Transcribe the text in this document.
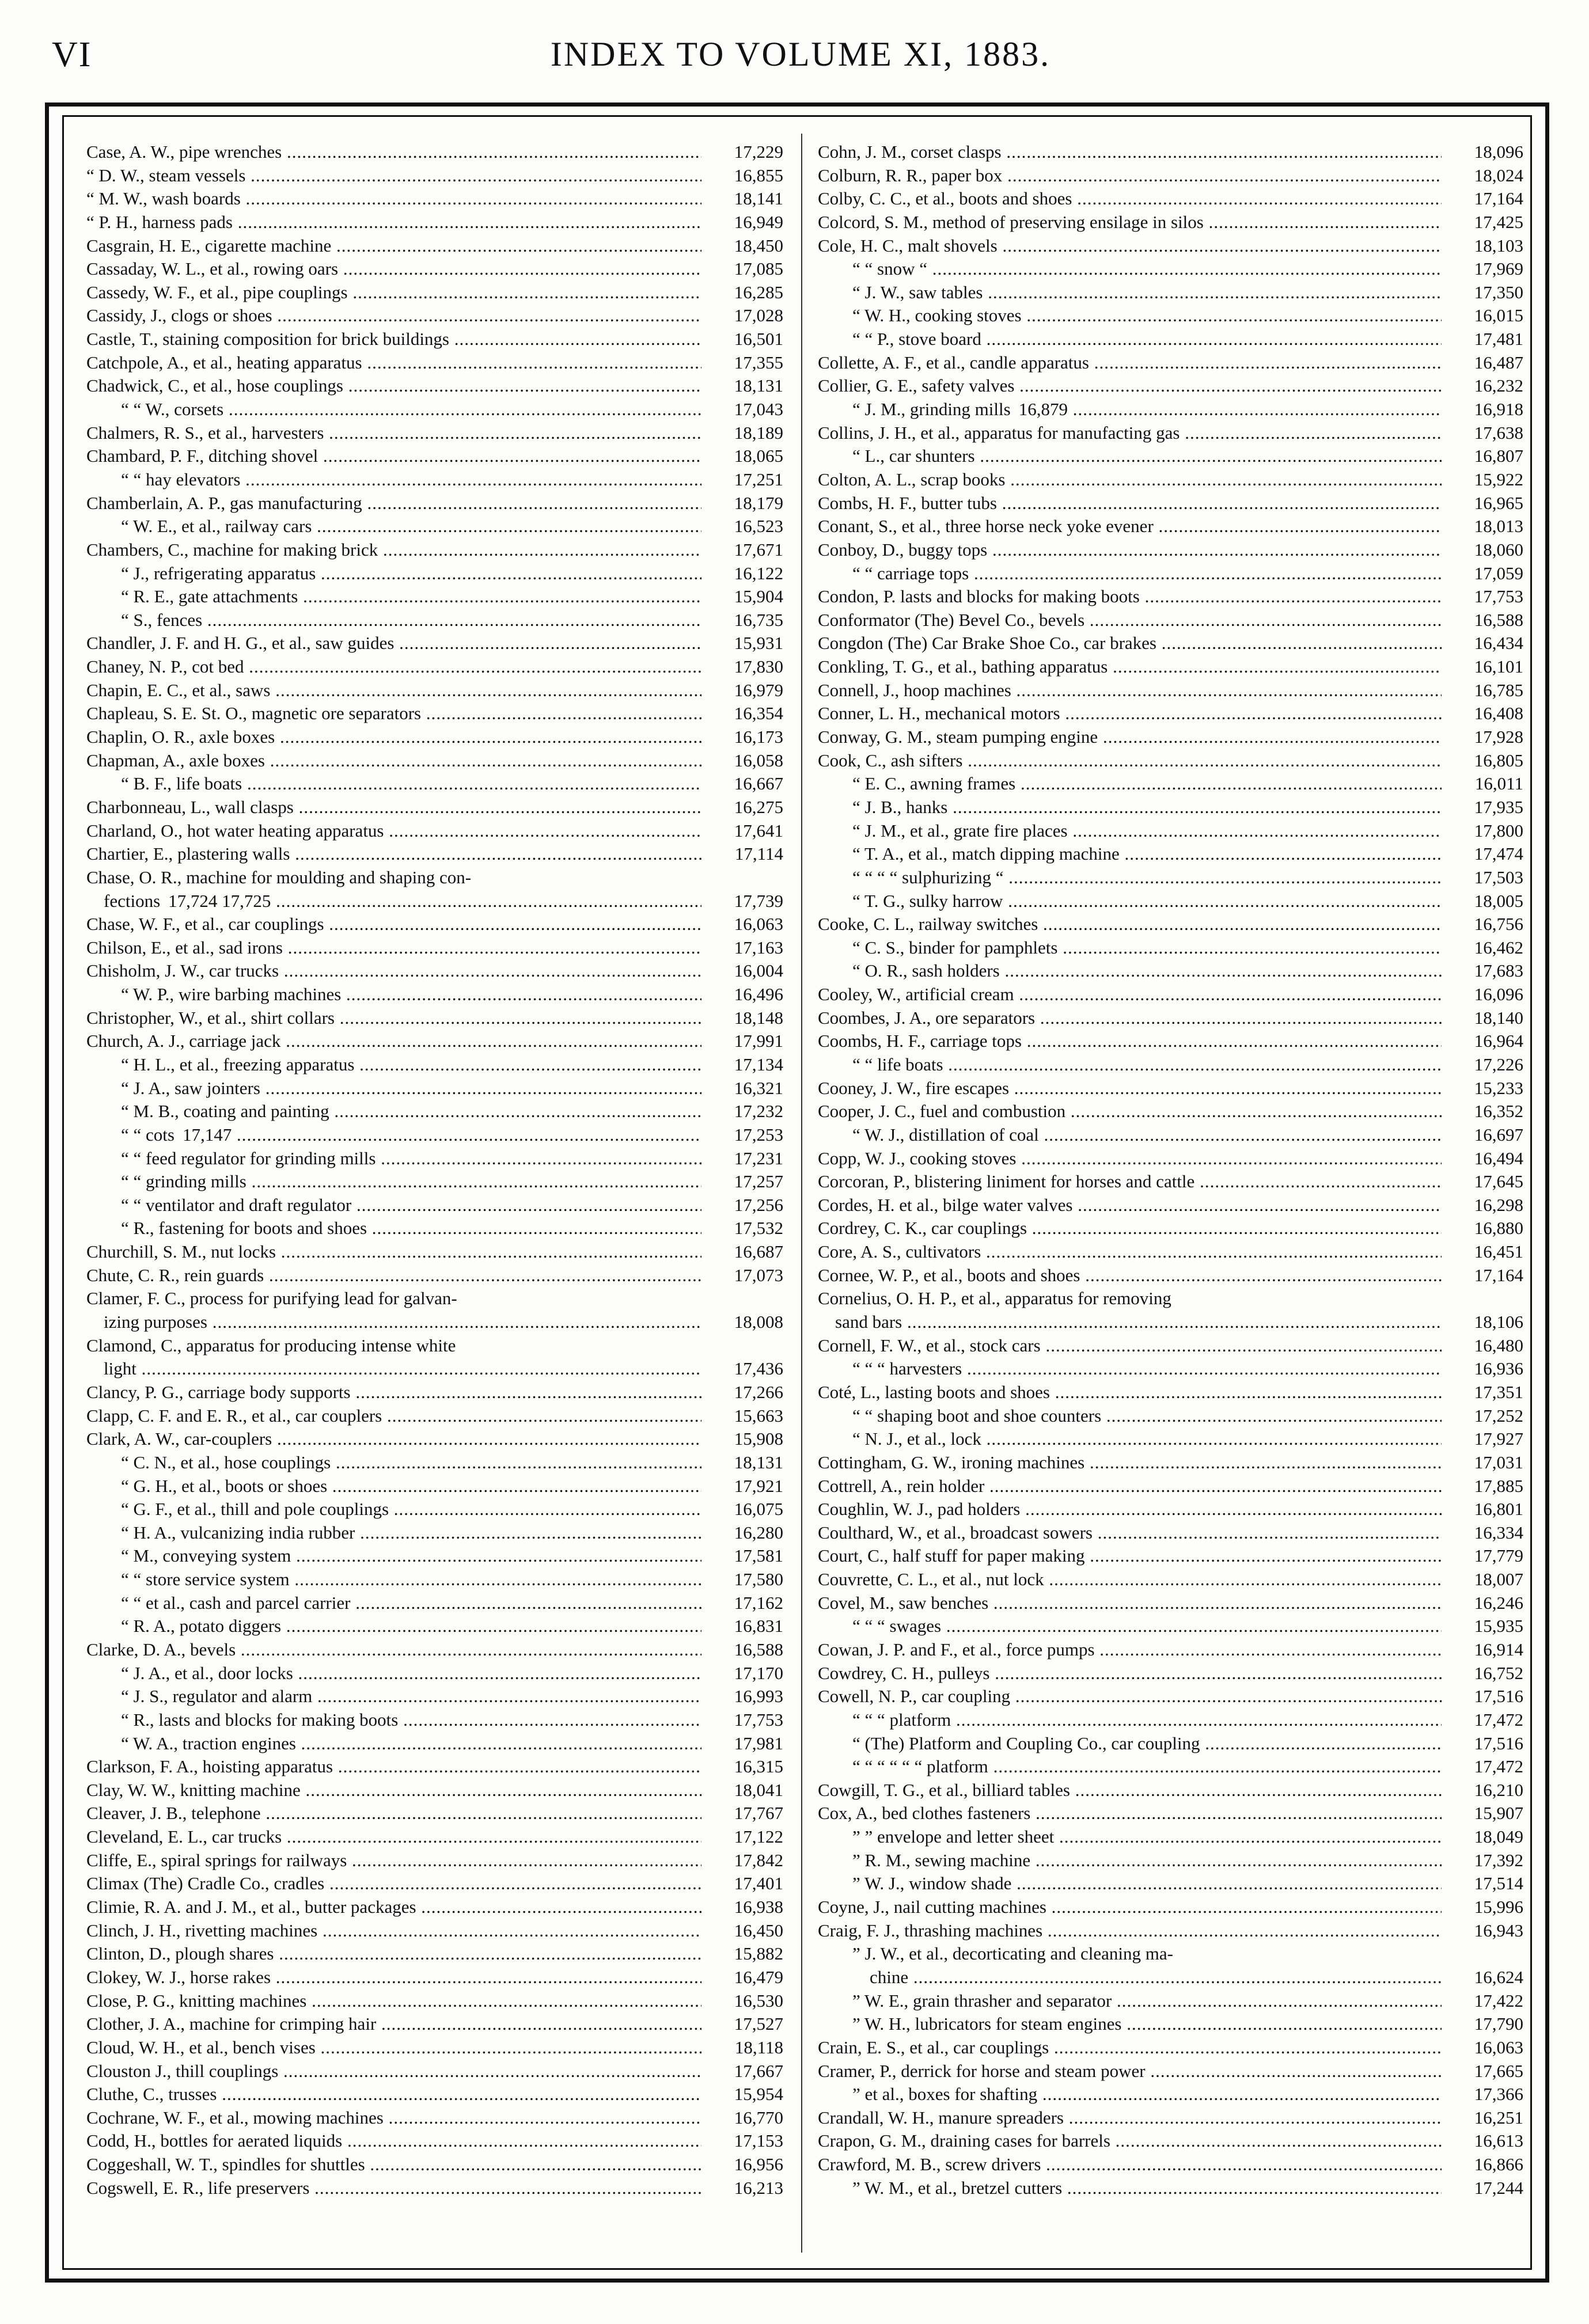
VI	INDEX TO VOLUME XI, 1883.
Case, A. W., pipe wrenches .....	17,229
“ D. W., steam vessels .....	16,855
“ M. W., wash boards .....	18,141
“ P. H., harness pads .....	16,949
Casgrain, H. E., cigarette machine .....	18,450
Cassaday, W. L., et al., rowing oars .....	17,085
Cassedy, W. F., et al., pipe couplings .....	16,285
Cassidy, J., clogs or shoes .....	17,028
Castle, T., staining composition for brick buildings .....	16,501
Catchpole, A., et al., heating apparatus .....	17,355
Chadwick, C., et al., hose couplings .....	18,131
“ “ W., corsets .....	17,043
Chalmers, R. S., et al., harvesters .....	18,189
Chambard, P. F., ditching shovel .....	18,065
“ “ hay elevators .....	17,251
Chamberlain, A. P., gas manufacturing .....	18,179
“ W. E., et al., railway cars .....	16,523
Chambers, C., machine for making brick .....	17,671
“ J., refrigerating apparatus .....	16,122
“ R. E., gate attachments .....	15,904
“ S., fences .....	16,735
Chandler, J. F. and H. G., et al., saw guides .....	15,931
Chaney, N. P., cot bed .....	17,830
Chapin, E. C., et al., saws .....	16,979
Chapleau, S. E. St. O., magnetic ore separators .....	16,354
Chaplin, O. R., axle boxes .....	16,173
Chapman, A., axle boxes .....	16,058
“ B. F., life boats .....	16,667
Charbonneau, L., wall clasps .....	16,275
Charland, O., hot water heating apparatus .....	17,641
Chartier, E., plastering walls .....	17,114
Chase, O. R., machine for moulding and shaping con-
fections 17,724 17,725 .....	17,739
Chase, W. F., et al., car couplings .....	16,063
Chilson, E., et al., sad irons .....	17,163
Chisholm, J. W., car trucks .....	16,004
“ W. P., wire barbing machines .....	16,496
Christopher, W., et al., shirt collars .....	18,148
Church, A. J., carriage jack .....	17,991
“ H. L., et al., freezing apparatus .....	17,134
“ J. A., saw jointers .....	16,321
“ M. B., coating and painting .....	17,232
“ “ cots 17,147 .....	17,253
“ “ feed regulator for grinding mills .....	17,231
“ “ grinding mills .....	17,257
“ “ ventilator and draft regulator .....	17,256
“ R., fastening for boots and shoes .....	17,532
Churchill, S. M., nut locks .....	16,687
Chute, C. R., rein guards .....	17,073
Clamer, F. C., process for purifying lead for galvan-
izing purposes .....	18,008
Clamond, C., apparatus for producing intense white
light .....	17,436
Clancy, P. G., carriage body supports .....	17,266
Clapp, C. F. and E. R., et al., car couplers .....	15,663
Clark, A. W., car-couplers .....	15,908
“ C. N., et al., hose couplings .....	18,131
“ G. H., et al., boots or shoes .....	17,921
“ G. F., et al., thill and pole couplings .....	16,075
“ H. A., vulcanizing india rubber .....	16,280
“ M., conveying system .....	17,581
“ “ store service system .....	17,580
“ “ et al., cash and parcel carrier .....	17,162
“ R. A., potato diggers .....	16,831
Clarke, D. A., bevels .....	16,588
“ J. A., et al., door locks .....	17,170
“ J. S., regulator and alarm .....	16,993
“ R., lasts and blocks for making boots .....	17,753
“ W. A., traction engines .....	17,981
Clarkson, F. A., hoisting apparatus .....	16,315
Clay, W. W., knitting machine .....	18,041
Cleaver, J. B., telephone .....	17,767
Cleveland, E. L., car trucks .....	17,122
Cliffe, E., spiral springs for railways .....	17,842
Climax (The) Cradle Co., cradles .....	17,401
Climie, R. A. and J. M., et al., butter packages .....	16,938
Clinch, J. H., rivetting machines .....	16,450
Clinton, D., plough shares .....	15,882
Clokey, W. J., horse rakes .....	16,479
Close, P. G., knitting machines .....	16,530
Clother, J. A., machine for crimping hair .....	17,527
Cloud, W. H., et al., bench vises .....	18,118
Clouston J., thill couplings .....	17,667
Cluthe, C., trusses .....	15,954
Cochrane, W. F., et al., mowing machines .....	16,770
Codd, H., bottles for aerated liquids .....	17,153
Coggeshall, W. T., spindles for shuttles .....	16,956
Cogswell, E. R., life preservers .....	16,213
Cohn, J. M., corset clasps .....	18,096
Colburn, R. R., paper box .....	18,024
Colby, C. C., et al., boots and shoes .....	17,164
Colcord, S. M., method of preserving ensilage in silos .....	17,425
Cole, H. C., malt shovels .....	18,103
“ “ snow “ .....	17,969
“ J. W., saw tables .....	17,350
“ W. H., cooking stoves .....	16,015
“ “ P., stove board .....	17,481
Collette, A. F., et al., candle apparatus .....	16,487
Collier, G. E., safety valves .....	16,232
“ J. M., grinding mills 16,879 .....	16,918
Collins, J. H., et al., apparatus for manufacting gas .....	17,638
“ L., car shunters .....	16,807
Colton, A. L., scrap books .....	15,922
Combs, H. F., butter tubs .....	16,965
Conant, S., et al., three horse neck yoke evener .....	18,013
Conboy, D., buggy tops .....	18,060
“ “ carriage tops .....	17,059
Condon, P. lasts and blocks for making boots .....	17,753
Conformator (The) Bevel Co., bevels .....	16,588
Congdon (The) Car Brake Shoe Co., car brakes .....	16,434
Conkling, T. G., et al., bathing apparatus .....	16,101
Connell, J., hoop machines .....	16,785
Conner, L. H., mechanical motors .....	16,408
Conway, G. M., steam pumping engine .....	17,928
Cook, C., ash sifters .....	16,805
“ E. C., awning frames .....	16,011
“ J. B., hanks .....	17,935
“ J. M., et al., grate fire places .....	17,800
“ T. A., et al., match dipping machine .....	17,474
“ “ “ “ sulphurizing “ .....	17,503
“ T. G., sulky harrow .....	18,005
Cooke, C. L., railway switches .....	16,756
“ C. S., binder for pamphlets .....	16,462
“ O. R., sash holders .....	17,683
Cooley, W., artificial cream .....	16,096
Coombes, J. A., ore separators .....	18,140
Coombs, H. F., carriage tops .....	16,964
“ “ life boats .....	17,226
Cooney, J. W., fire escapes .....	15,233
Cooper, J. C., fuel and combustion .....	16,352
“ W. J., distillation of coal .....	16,697
Copp, W. J., cooking stoves .....	16,494
Corcoran, P., blistering liniment for horses and cattle .....	17,645
Cordes, H. et al., bilge water valves .....	16,298
Cordrey, C. K., car couplings .....	16,880
Core, A. S., cultivators .....	16,451
Cornee, W. P., et al., boots and shoes .....	17,164
Cornelius, O. H. P., et al., apparatus for removing
sand bars .....	18,106
Cornell, F. W., et al., stock cars .....	16,480
“ “ “ harvesters .....	16,936
Coté, L., lasting boots and shoes .....	17,351
“ “ shaping boot and shoe counters .....	17,252
“ N. J., et al., lock .....	17,927
Cottingham, G. W., ironing machines .....	17,031
Cottrell, A., rein holder .....	17,885
Coughlin, W. J., pad holders .....	16,801
Coulthard, W., et al., broadcast sowers .....	16,334
Court, C., half stuff for paper making .....	17,779
Couvrette, C. L., et al., nut lock .....	18,007
Covel, M., saw benches .....	16,246
“ “ “ swages .....	15,935
Cowan, J. P. and F., et al., force pumps .....	16,914
Cowdrey, C. H., pulleys .....	16,752
Cowell, N. P., car coupling .....	17,516
“ “ “ platform .....	17,472
“ (The) Platform and Coupling Co., car coupling .....	17,516
“ “ “ “ “ “ platform .....	17,472
Cowgill, T. G., et al., billiard tables .....	16,210
Cox, A., bed clothes fasteners .....	15,907
” ” envelope and letter sheet .....	18,049
” R. M., sewing machine .....	17,392
” W. J., window shade .....	17,514
Coyne, J., nail cutting machines .....	15,996
Craig, F. J., thrashing machines .....	16,943
” J. W., et al., decorticating and cleaning ma-
chine .....	16,624
” W. E., grain thrasher and separator .....	17,422
” W. H., lubricators for steam engines .....	17,790
Crain, E. S., et al., car couplings .....	16,063
Cramer, P., derrick for horse and steam power .....	17,665
” et al., boxes for shafting .....	17,366
Crandall, W. H., manure spreaders .....	16,251
Crapon, G. M., draining cases for barrels .....	16,613
Crawford, M. B., screw drivers .....	16,866
” W. M., et al., bretzel cutters .....	17,244
